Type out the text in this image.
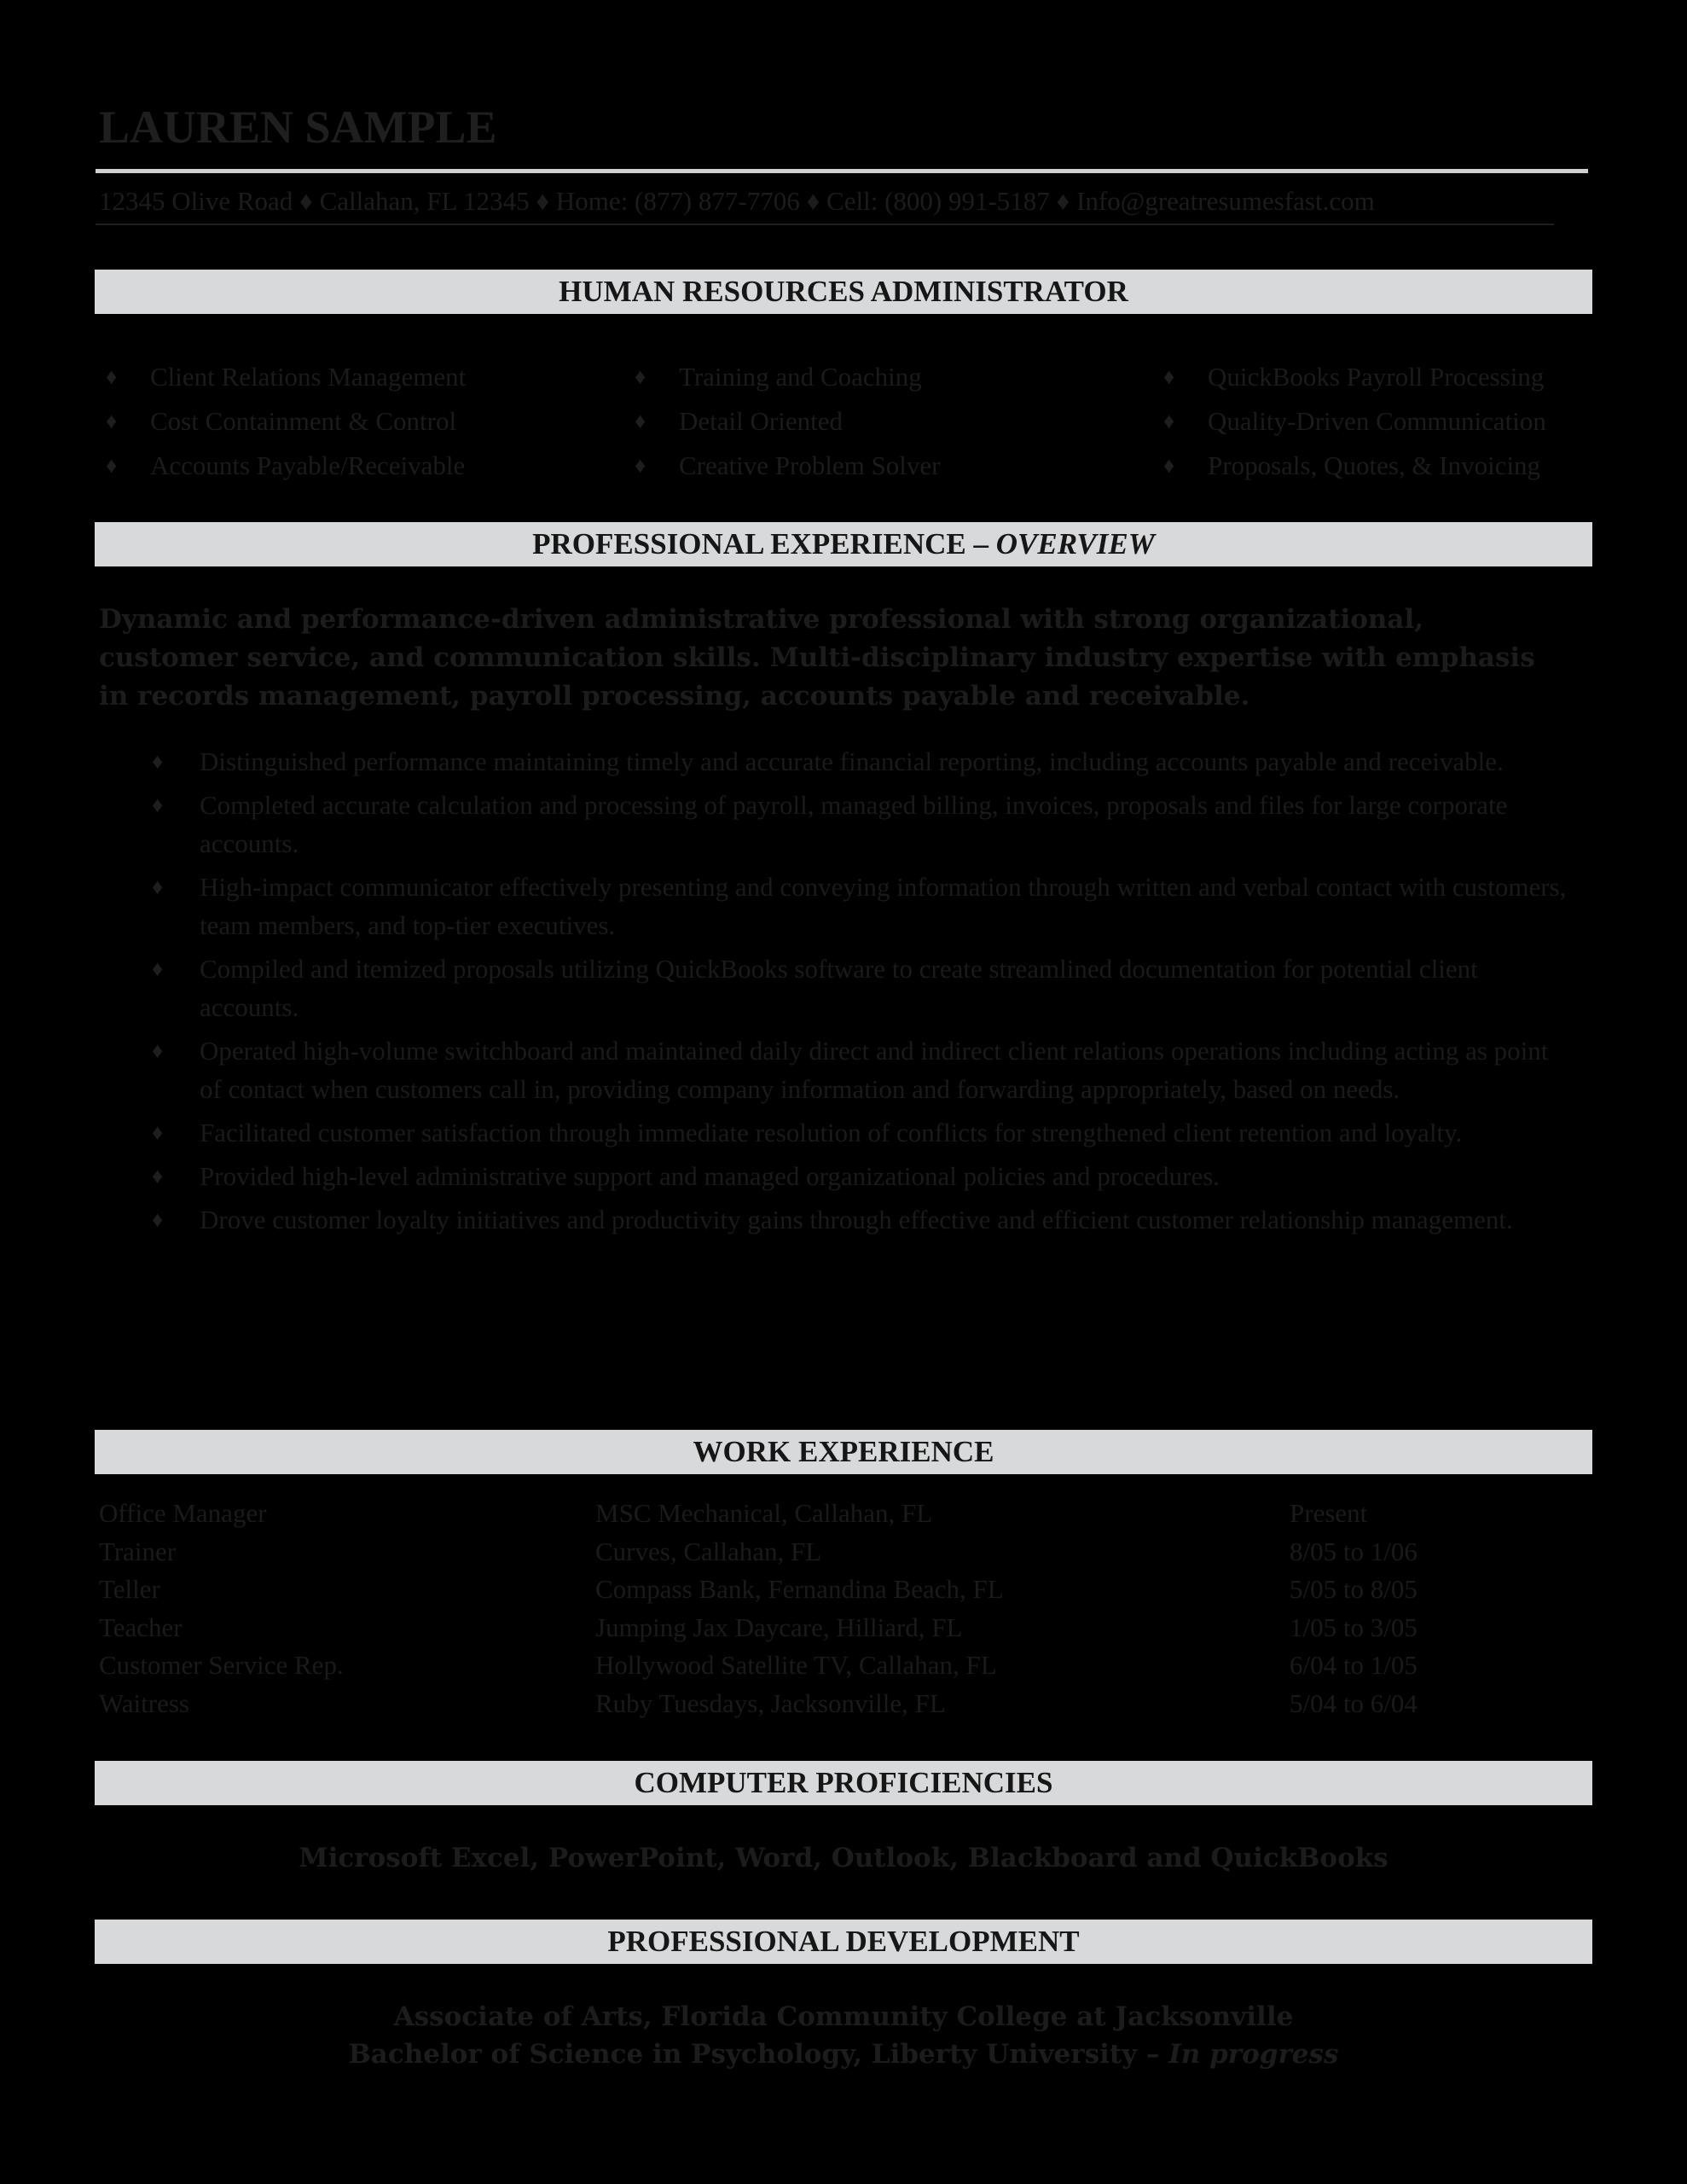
LAUREN SAMPLE
12345 Olive Road ♦ Callahan, FL 12345 ♦ Home: (877) 877-7706 ♦ Cell: (800) 991-5187 ♦ Info@greatresumesfast.com
HUMAN RESOURCES ADMINISTRATOR
♦ Client Relations Management
♦ Cost Containment & Control
♦ Accounts Payable/Receivable
♦ Training and Coaching
♦ Detail Oriented
♦ Creative Problem Solver
♦ QuickBooks Payroll Processing
♦ Quality-Driven Communication
♦ Proposals, Quotes, & Invoicing
PROFESSIONAL EXPERIENCE – OVERVIEW
Dynamic and performance-driven administrative professional with strong organizational, customer service, and communication skills. Multi-disciplinary industry expertise with emphasis in records management, payroll processing, accounts payable and receivable.
♦ Distinguished performance maintaining timely and accurate financial reporting, including accounts payable and receivable.
♦ Completed accurate calculation and processing of payroll, managed billing, invoices, proposals and files for large corporate accounts.
♦ High-impact communicator effectively presenting and conveying information through written and verbal contact with customers, team members, and top-tier executives.
♦ Compiled and itemized proposals utilizing QuickBooks software to create streamlined documentation for potential client accounts.
♦ Operated high-volume switchboard and maintained daily direct and indirect client relations operations including acting as point of contact when customers call in, providing company information and forwarding appropriately, based on needs.
♦ Facilitated customer satisfaction through immediate resolution of conflicts for strengthened client retention and loyalty.
♦ Provided high-level administrative support and managed organizational policies and procedures.
♦ Drove customer loyalty initiatives and productivity gains through effective and efficient customer relationship management.
WORK EXPERIENCE
Office Manager	MSC Mechanical, Callahan, FL	Present
Trainer	Curves, Callahan, FL	8/05 to 1/06
Teller	Compass Bank, Fernandina Beach, FL	5/05 to 8/05
Teacher	Jumping Jax Daycare, Hilliard, FL	1/05 to 3/05
Customer Service Rep.	Hollywood Satellite TV, Callahan, FL	6/04 to 1/05
Waitress	Ruby Tuesdays, Jacksonville, FL	5/04 to 6/04
COMPUTER PROFICIENCIES
Microsoft Excel, PowerPoint, Word, Outlook, Blackboard and QuickBooks
PROFESSIONAL DEVELOPMENT
Associate of Arts, Florida Community College at Jacksonville
Bachelor of Science in Psychology, Liberty University – In progress
